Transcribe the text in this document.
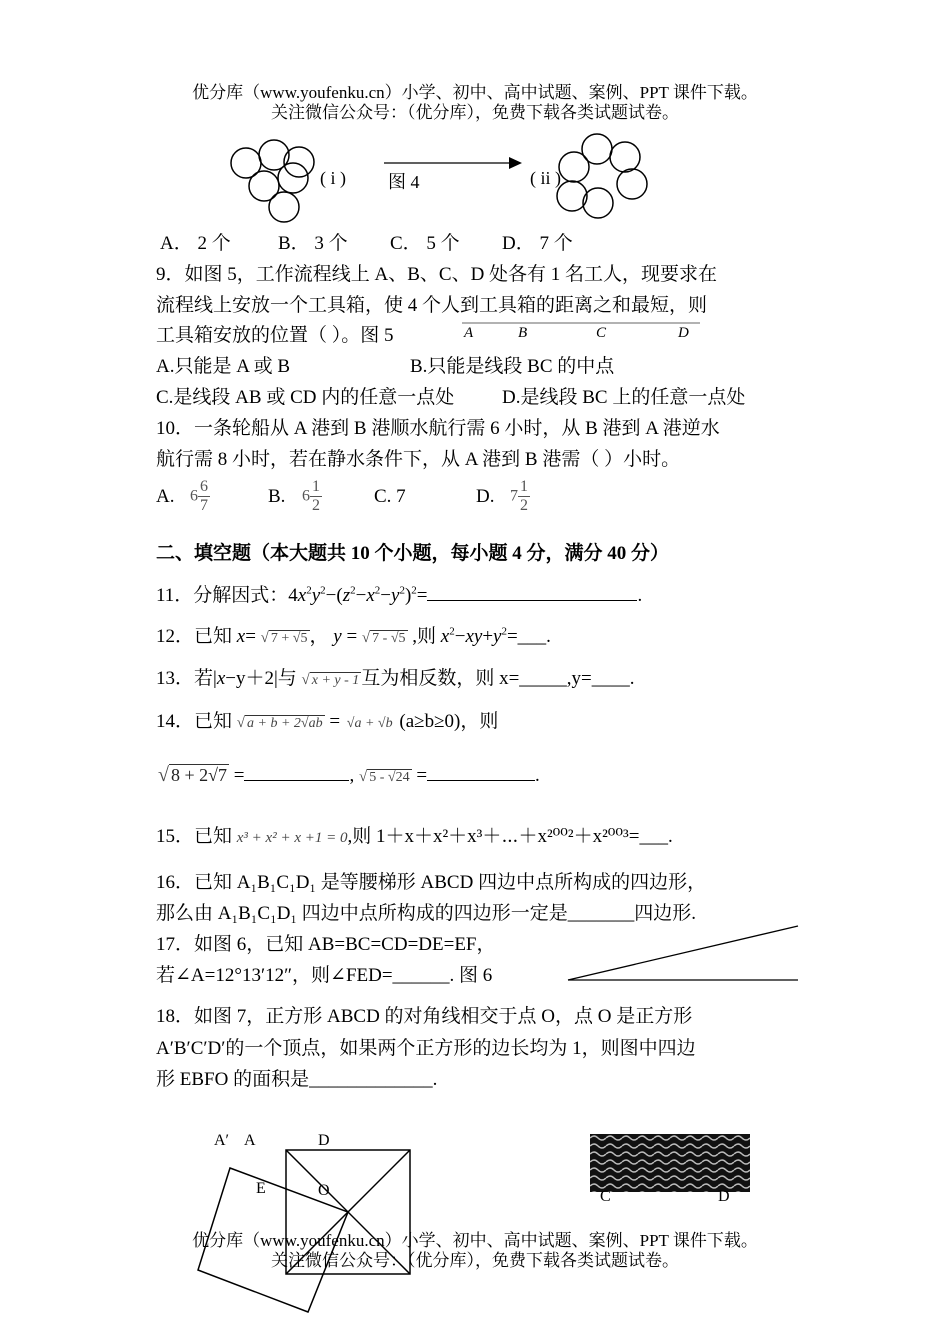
优分库（www.youfenku.cn）小学、初中、高中试题、案例、PPT 课件下载。
关注微信公众号：（优分库），免费下载各类试题试卷。
( i ) 图 4	( ii )
A． 2 个 B． 3 个 C． 5 个 D． 7 个
9．如图 5，工作流程线上 A、B、C、D 处各有 1 名工人，现要求在
流程线上安放一个工具箱，使 4 个人到工具箱的距离之和最短，则
工具箱安放的位置（ ）。图 5	A	B	C	D
A.只能是 A 或 B	B.只能是线段 BC 的中点
C.是线段 AB 或 CD 内的任意一点处	D.是线段 BC 上的任意一点处
10．一条轮船从 A 港到 B 港顺水航行需 6 小时，从 B 港到 A 港逆水
航行需 8 小时，若在静水条件下，从 A 港到 B 港需（ ）小时。
A. $6 \frac{6}{7}$	B. $6 \frac{1}{2}$	C. 7	D. $7 \frac{1}{2}$
二、填空题（本大题共 10 个小题，每小题 4 分，满分 40 分）
11．分解因式：$4x^2y^2-(z^2-x^2-y^2)^2=$	.
12．已知 x= √ 7 + √5 ， y = √ 7 - √5 ,则 $x^2-xy+y^2=\_\_\_$.
13．若|x−y＋2|与 √ x + y - 1 互为相反数，则 x=_____,y=____.
14．已知 √ a + b + 2√ab = √a + √b (a≥b≥0)，则
√ 8 + 2√7 =	, √ 5 - √24 =	.
15．已知 x³ + x² + x +1 = 0,则 1＋x＋x²＋x³＋⋯＋x²⁰⁰²＋x²⁰⁰³=___.
16．已知 A₁B₁C₁D₁ 是等腰梯形 ABCD 四边中点所构成的四边形，
那么由 A₁B₁C₁D₁ 四边中点所构成的四边形一定是_______四边形.
17．如图 6，已知 AB=BC=CD=DE=EF，
若∠A=12°13′12″，则∠FED=______. 图 6
18．如图 7，正方形 ABCD 的对角线相交于点 O，点 O 是正方形
A′B′C′D′的一个顶点，如果两个正方形的边长均为 1，则图中四边
形 EBFO 的面积是_____________.
A′ A	D
E	O	C	D
优分库（www.youfenku.cn）小学、初中、高中试题、案例、PPT 课件下载。
关注微信公众号：（优分库），免费下载各类试题试卷。
